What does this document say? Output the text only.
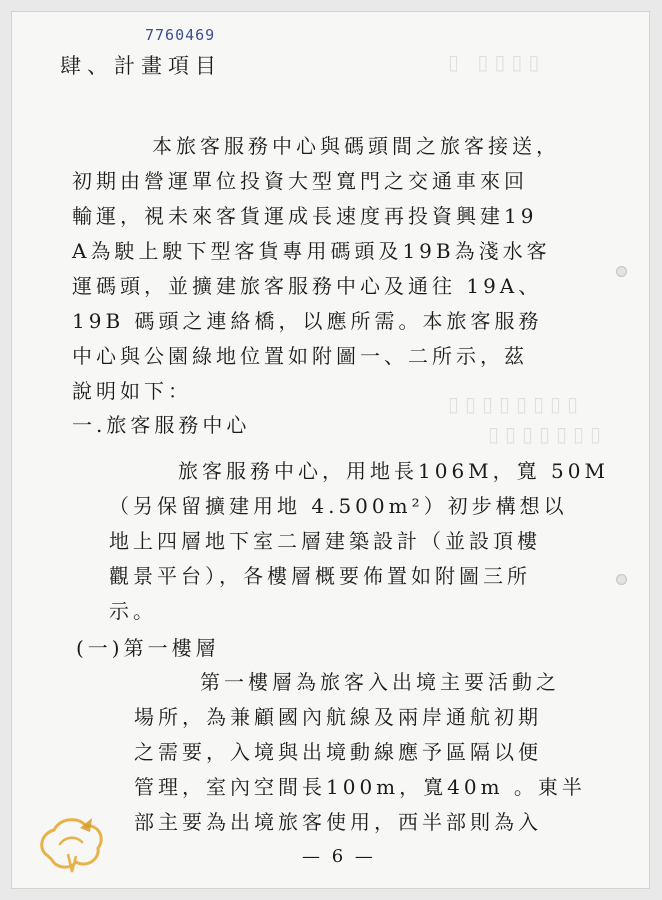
▯▯▯▯ ▯
▯▯▯▯▯▯▯▯
▯▯▯▯▯▯▯
7760469
肆、計畫項目
本旅客服務中心與碼頭間之旅客接送，
初期由營運單位投資大型寬門之交通車來回
輸運，視未來客貨運成長速度再投資興建19
A為駛上駛下型客貨專用碼頭及19B為淺水客
運碼頭，並擴建旅客服務中心及通往 19A、
19B 碼頭之連絡橋，以應所需。本旅客服務
中心與公園綠地位置如附圖一、二所示，茲
說明如下：
一.旅客服務中心
旅客服務中心，用地長106M，寬 50M
（另保留擴建用地 4.500m²）初步構想以
地上四層地下室二層建築設計（並設頂樓
觀景平台），各樓層概要佈置如附圖三所
示。
(一)第一樓層
第一樓層為旅客入出境主要活動之
場所，為兼顧國內航線及兩岸通航初期
之需要，入境與出境動線應予區隔以便
管理，室內空間長100m，寬40m 。東半
部主要為出境旅客使用，西半部則為入
— 6 —
